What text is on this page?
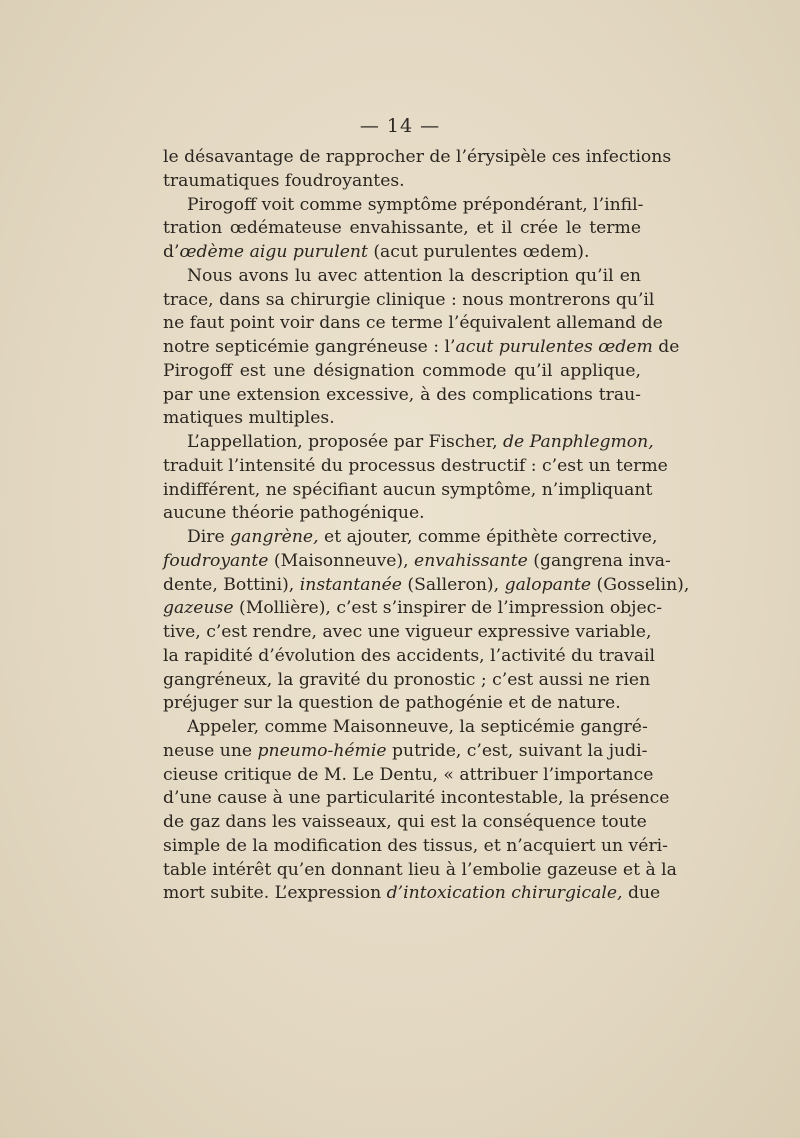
— 14 —
le désavantage de rapprocher de l’érysipèle ces infections
traumatiques foudroyantes.
Pirogoff voit comme symptôme prépondérant, l’infil-
tration œdémateuse envahissante, et il crée le terme
d’œdème aigu purulent (acut purulentes œdem).
Nous avons lu avec attention la description qu’il en
trace, dans sa chirurgie clinique : nous montrerons qu’il
ne faut point voir dans ce terme l’équivalent allemand de
notre septicémie gangréneuse : l’acut purulentes œdem de
Pirogoff est une désignation commode qu’il applique,
par une extension excessive, à des complications trau-
matiques multiples.
L’appellation, proposée par Fischer, de Panphlegmon,
traduit l’intensité du processus destructif : c’est un terme
indifférent, ne spécifiant aucun symptôme, n’impliquant
aucune théorie pathogénique.
Dire gangrène, et ajouter, comme épithète corrective,
foudroyante (Maisonneuve), envahissante (gangrena inva-
dente, Bottini), instantanée (Salleron), galopante (Gosselin),
gazeuse (Mollière), c’est s’inspirer de l’impression objec-
tive, c’est rendre, avec une vigueur expressive variable,
la rapidité d’évolution des accidents, l’activité du travail
gangréneux, la gravité du pronostic ; c’est aussi ne rien
préjuger sur la question de pathogénie et de nature.
Appeler, comme Maisonneuve, la septicémie gangré-
neuse une pneumo-hémie putride, c’est, suivant la judi-
cieuse critique de M. Le Dentu, « attribuer l’importance
d’une cause à une particularité incontestable, la présence
de gaz dans les vaisseaux, qui est la conséquence toute
simple de la modification des tissus, et n’acquiert un véri-
table intérêt qu’en donnant lieu à l’embolie gazeuse et à la
mort subite. L’expression d’intoxication chirurgicale, due
